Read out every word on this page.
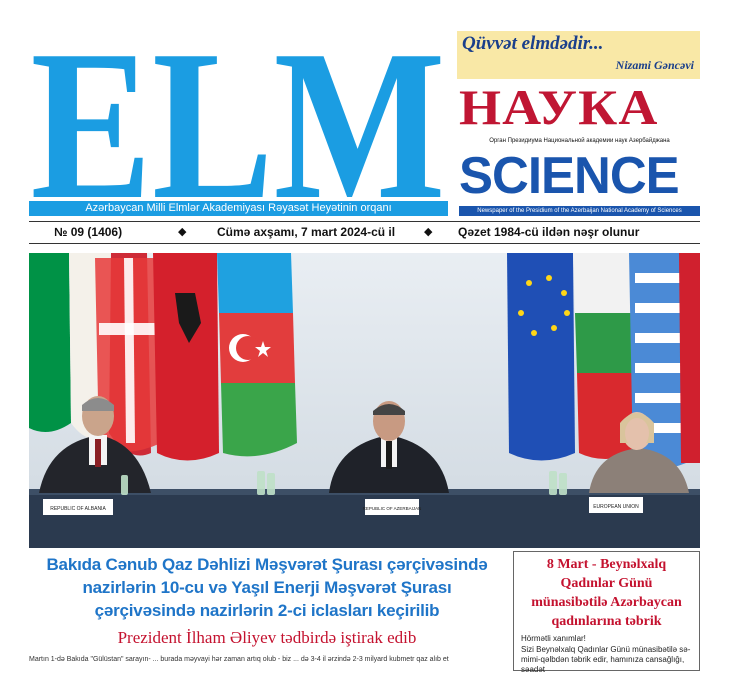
ELM
Azərbaycan Milli Elmlər Akademiyası Rəyasət Heyətinin orqanı
Qüvvət elmdədir...
Nizami Gəncəvi
НАУКА
Орган Президиума Национальной академии наук Азербайджана
SCIENCE
Newspaper of the Presidium of the Azerbaijan National Academy of Sciences
№ 09 (1406)	◆	Cümə axşamı, 7 mart 2024-cü il	◆ Qəzet 1984-cü ildən nəşr olunur
REPUBLIC OF ALBANIA	REPUBLIC OF AZERBAIJAN	EUROPEAN UNION
Bakıda Cənub Qaz Dəhlizi Məşvərət Şurası çərçivəsində
nazirlərin 10-cu və Yaşıl Enerji Məşvərət Şurası
çərçivəsində nazirlərin 2-ci iclasları keçirilib
Prezident İlham Əliyev tədbirdə iştirak edib
Martın 1-də Bakıda "Gülüstan" sarayın- ... burada məyvayi hər zaman artıq olub - biz ... də 3-4 il ərzində 2-3 milyard kubmetr qaz alıb et
8 Mart - Beynəlxalq
Qadınlar Günü
münasibətilə Azərbaycan
qadınlarına təbrik
Hörmətli xanımlar!
Sizi Beynəlxalq Qadınlar Günü münasibətilə sə- mimi-qəlbdən təbrik edir, hamınıza cansağlığı, səadət
